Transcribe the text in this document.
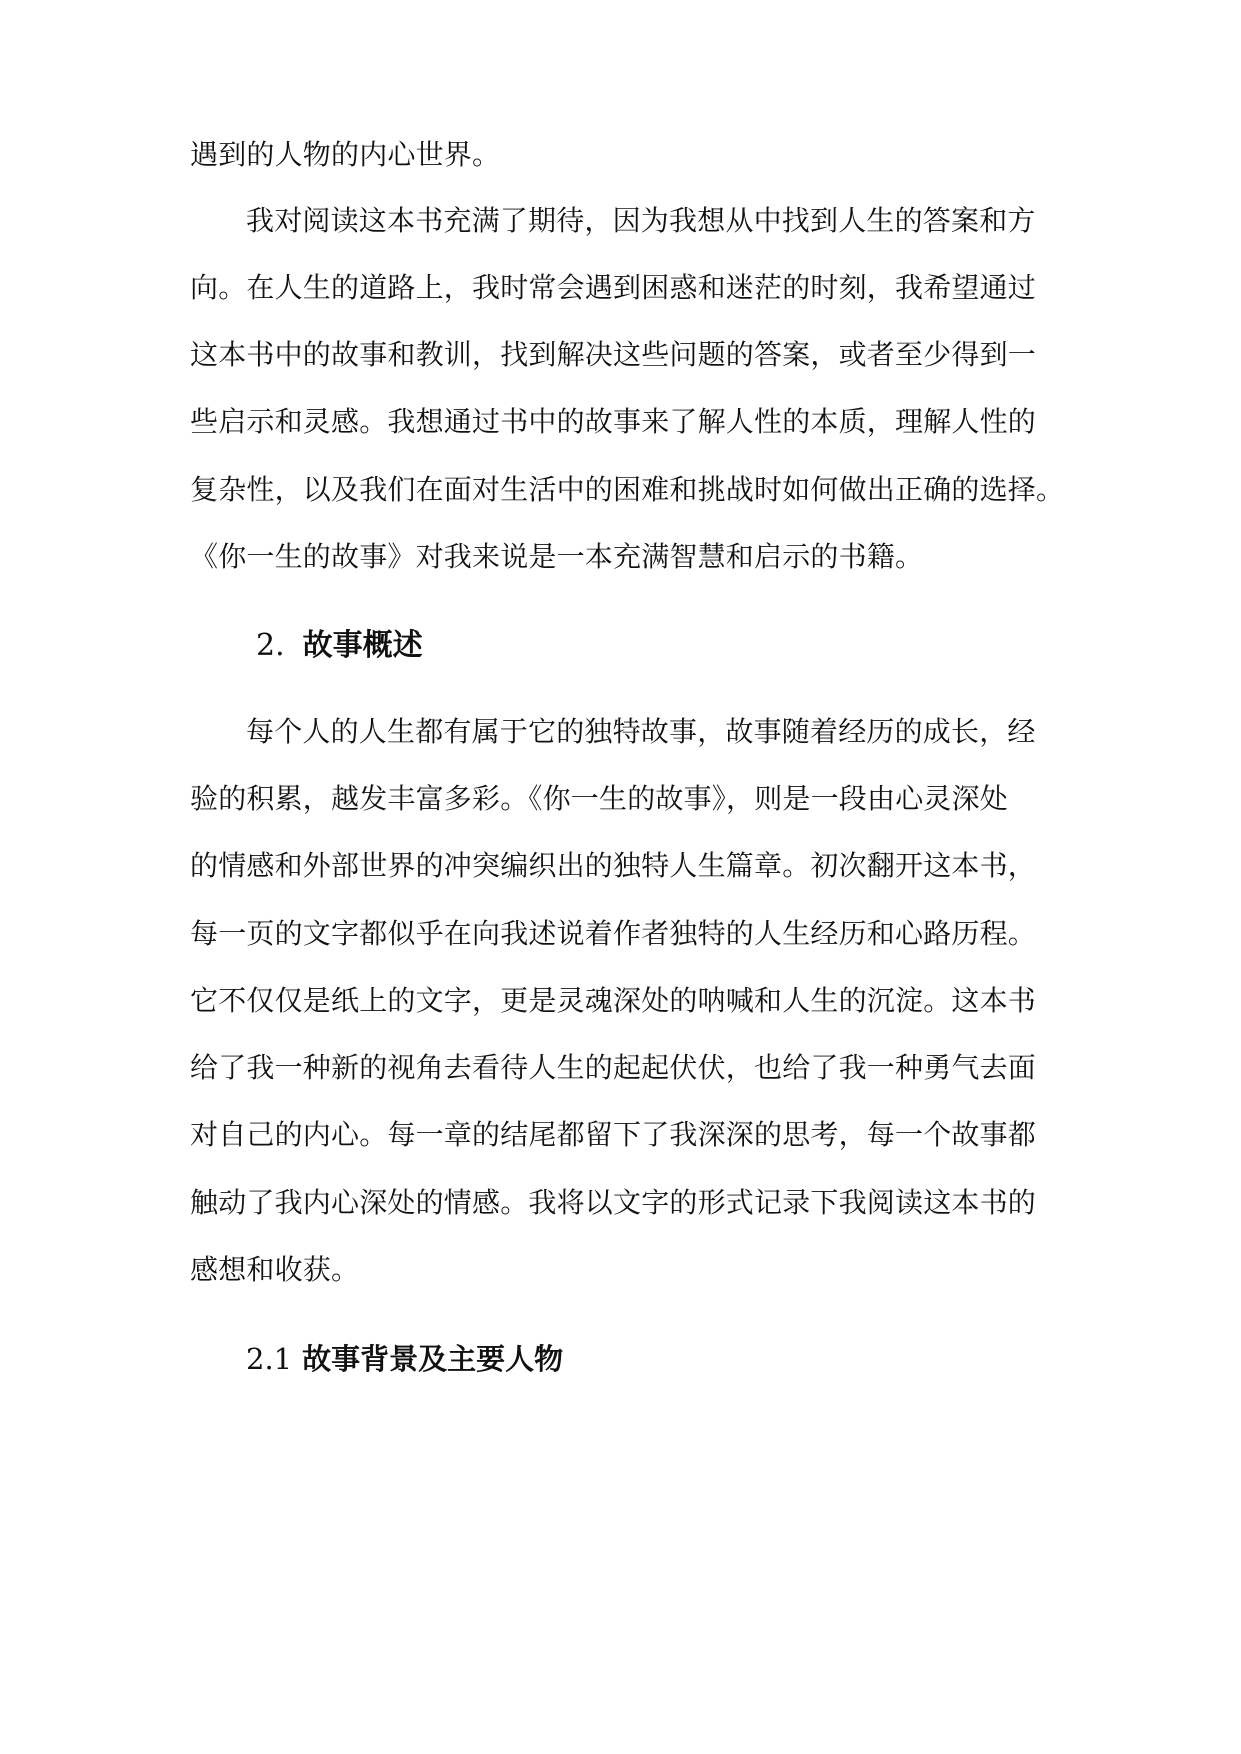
遇到的人物的内心世界。
我对阅读这本书充满了期待，因为我想从中找到人生的答案和方
向。在人生的道路上，我时常会遇到困惑和迷茫的时刻，我希望通过
这本书中的故事和教训，找到解决这些问题的答案，或者至少得到一
些启示和灵感。我想通过书中的故事来了解人性的本质，理解人性的
复杂性，以及我们在面对生活中的困难和挑战时如何做出正确的选择。
《你一生的故事》对我来说是一本充满智慧和启示的书籍。
2. 故事概述
每个人的人生都有属于它的独特故事，故事随着经历的成长，经
验的积累，越发丰富多彩。《你一生的故事》，则是一段由心灵深处
的情感和外部世界的冲突编织出的独特人生篇章。初次翻开这本书，
每一页的文字都似乎在向我述说着作者独特的人生经历和心路历程。
它不仅仅是纸上的文字，更是灵魂深处的呐喊和人生的沉淀。这本书
给了我一种新的视角去看待人生的起起伏伏，也给了我一种勇气去面
对自己的内心。每一章的结尾都留下了我深深的思考，每一个故事都
触动了我内心深处的情感。我将以文字的形式记录下我阅读这本书的
感想和收获。
2.1 故事背景及主要人物
